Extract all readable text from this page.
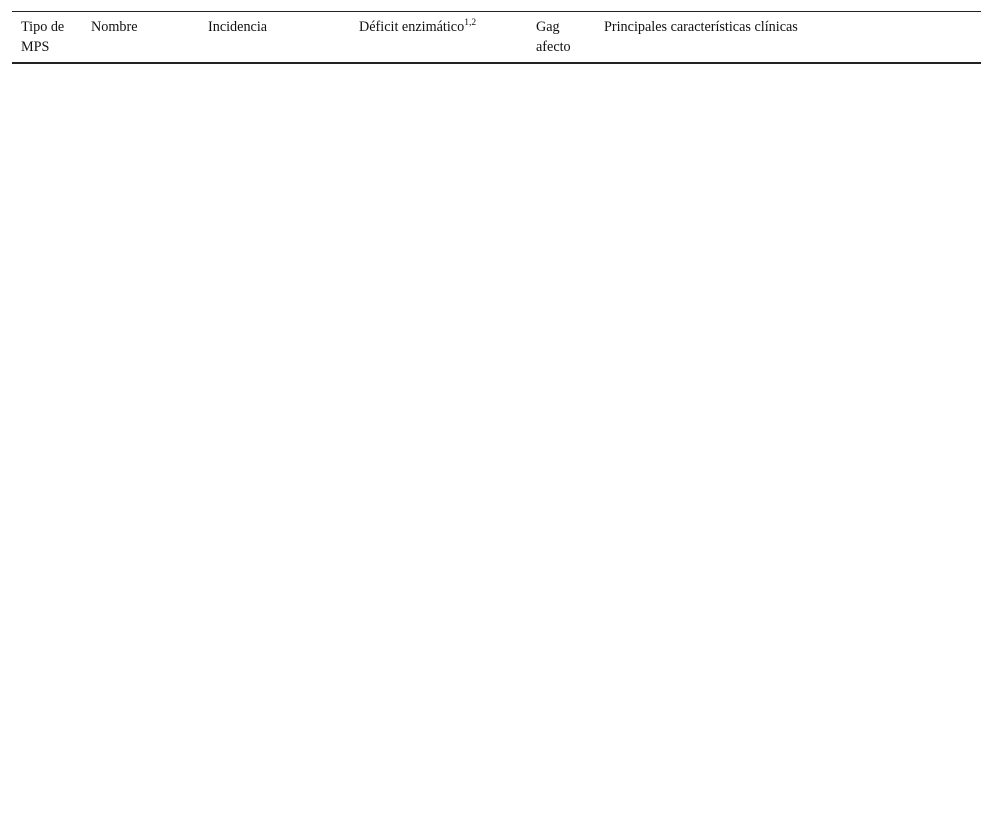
Tipo de MPS	Nombre	Incidencia	Déficit enzimático$^{1,2}$	Gag afecto	Principales características clínicas
